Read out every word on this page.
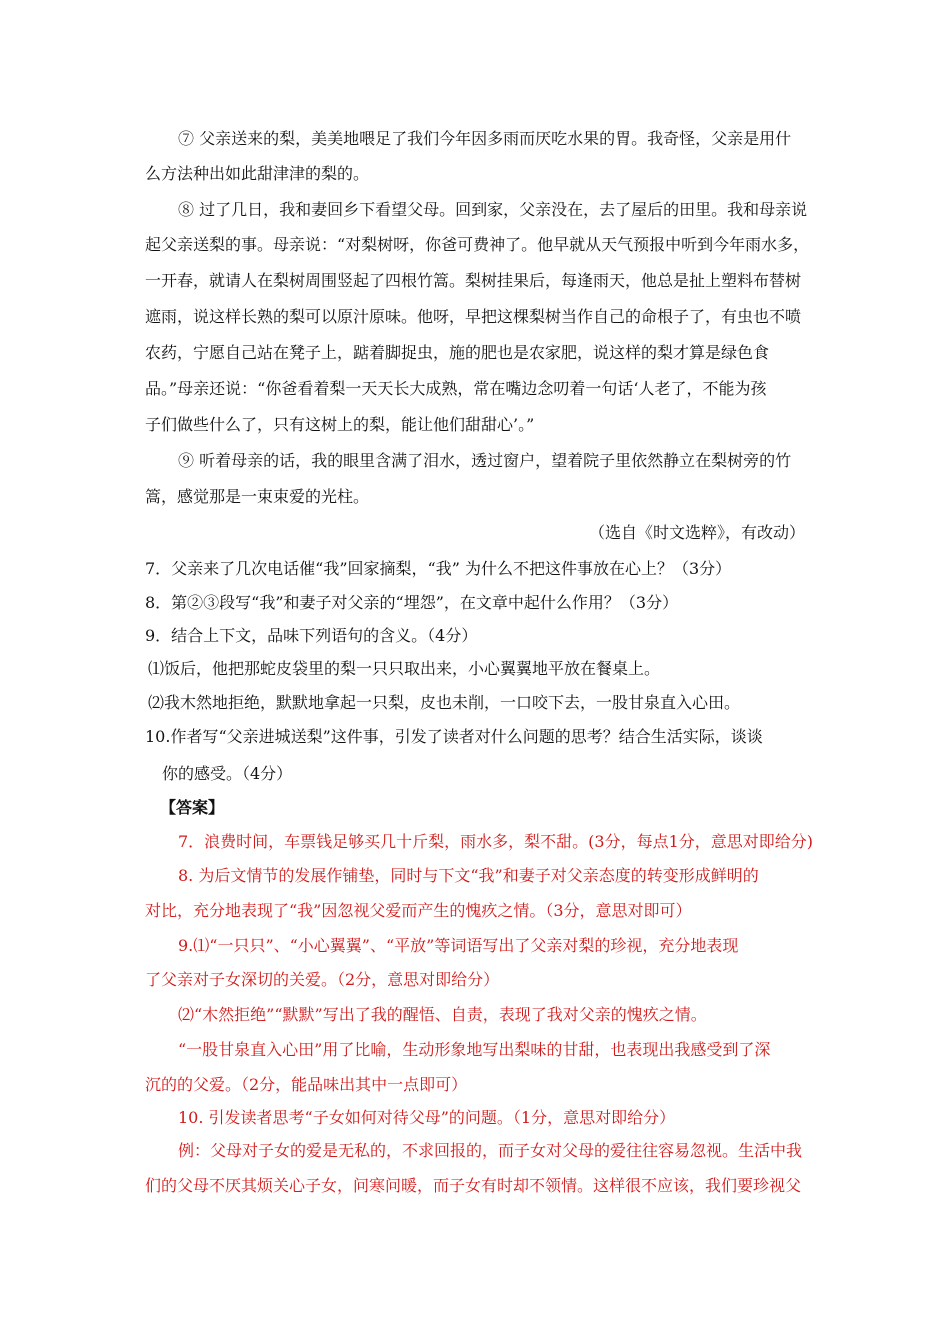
⑦ 父亲送来的梨，美美地喂足了我们今年因多雨而厌吃水果的胃。我奇怪，父亲是用什
么方法种出如此甜津津的梨的。
⑧ 过了几日，我和妻回乡下看望父母。回到家，父亲没在，去了屋后的田里。我和母亲说
起父亲送梨的事。母亲说：“对梨树呀，你爸可费神了。他早就从天气预报中听到今年雨水多，
一开春，就请人在梨树周围竖起了四根竹篙。梨树挂果后，每逢雨天，他总是扯上塑料布替树
遮雨，说这样长熟的梨可以原汁原味。他呀，早把这棵梨树当作自己的命根子了，有虫也不喷
农药，宁愿自己站在凳子上，踮着脚捉虫，施的肥也是农家肥，说这样的梨才算是绿色食
品。”母亲还说：“你爸看着梨一天天长大成熟，常在嘴边念叨着一句话‘人老了，不能为孩
子们做些什么了，只有这树上的梨，能让他们甜甜心’。”
⑨ 听着母亲的话，我的眼里含满了泪水，透过窗户，望着院子里依然静立在梨树旁的竹
篙，感觉那是一束束爱的光柱。
（选自《时文选粹》，有改动）
7．父亲来了几次电话催“我”回家摘梨，“我” 为什么不把这件事放在心上？（3分）
8．第②③段写“我”和妻子对父亲的“埋怨”，在文章中起什么作用？（3分）
9．结合上下文，品味下列语句的含义。（4分）
⑴饭后，他把那蛇皮袋里的梨一只只取出来，小心翼翼地平放在餐桌上。
⑵我木然地拒绝，默默地拿起一只梨，皮也未削，一口咬下去，一股甘泉直入心田。
10.作者写“父亲进城送梨”这件事，引发了读者对什么问题的思考？结合生活实际，谈谈
你的感受。（4分）
【答案】
7．浪费时间，车票钱足够买几十斤梨，雨水多，梨不甜。(3分，每点1分，意思对即给分)
8. 为后文情节的发展作铺垫，同时与下文“我”和妻子对父亲态度的转变形成鲜明的
对比，充分地表现了“我”因忽视父爱而产生的愧疚之情。（3分，意思对即可）
9.⑴“一只只”、“小心翼翼”、“平放”等词语写出了父亲对梨的珍视，充分地表现
了父亲对子女深切的关爱。（2分，意思对即给分）
⑵“木然拒绝”“默默”写出了我的醒悟、自责，表现了我对父亲的愧疚之情。
“一股甘泉直入心田”用了比喻，生动形象地写出梨味的甘甜，也表现出我感受到了深
沉的的父爱。（2分，能品味出其中一点即可）
10. 引发读者思考“子女如何对待父母”的问题。（1分，意思对即给分）
例：父母对子女的爱是无私的，不求回报的，而子女对父母的爱往往容易忽视。生活中我
们的父母不厌其烦关心子女，问寒问暖，而子女有时却不领情。这样很不应该，我们要珍视父
